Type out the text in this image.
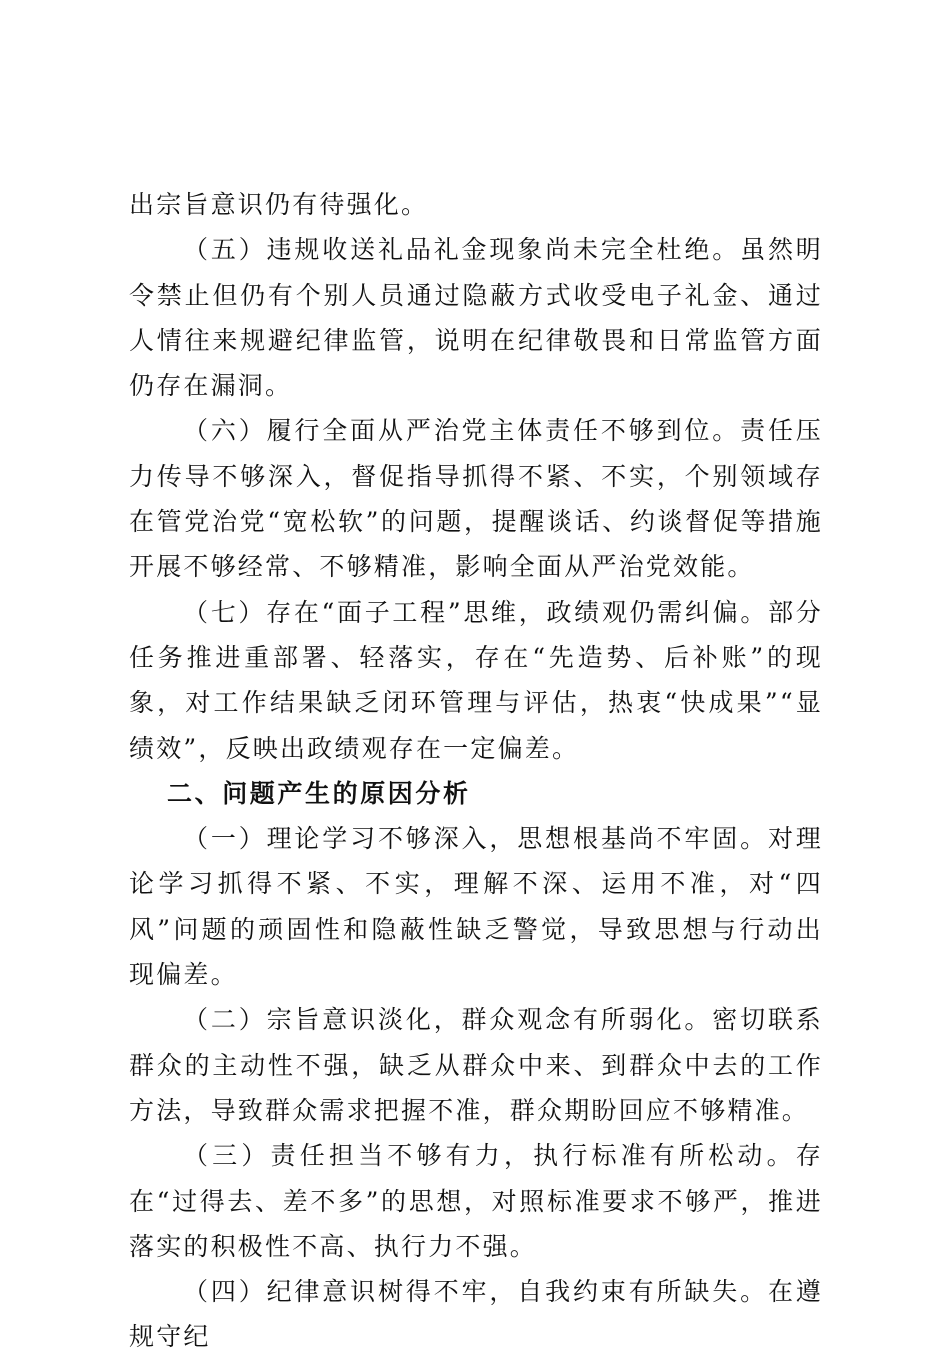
出宗旨意识仍有待强化。

（五）违规收送礼品礼金现象尚未完全杜绝。虽然明令禁止但仍有个别人员通过隐蔽方式收受电子礼金、通过人情往来规避纪律监管，说明在纪律敬畏和日常监管方面仍存在漏洞。

（六）履行全面从严治党主体责任不够到位。责任压力传导不够深入，督促指导抓得不紧、不实，个别领域存在管党治党“宽松软”的问题，提醒谈话、约谈督促等措施开展不够经常、不够精准，影响全面从严治党效能。

（七）存在“面子工程”思维，政绩观仍需纠偏。部分任务推进重部署、轻落实，存在“先造势、后补账”的现象，对工作结果缺乏闭环管理与评估，热衷“快成果”“显绩效”，反映出政绩观存在一定偏差。

二、问题产生的原因分析

（一）理论学习不够深入，思想根基尚不牢固。对理论学习抓得不紧、不实，理解不深、运用不准，对“四风”问题的顽固性和隐蔽性缺乏警觉，导致思想与行动出现偏差。

（二）宗旨意识淡化，群众观念有所弱化。密切联系群众的主动性不强，缺乏从群众中来、到群众中去的工作方法，导致群众需求把握不准，群众期盼回应不够精准。

（三）责任担当不够有力，执行标准有所松动。存在“过得去、差不多”的思想，对照标准要求不够严，推进落实的积极性不高、执行力不强。

（四）纪律意识树得不牢，自我约束有所缺失。在遵规守纪
